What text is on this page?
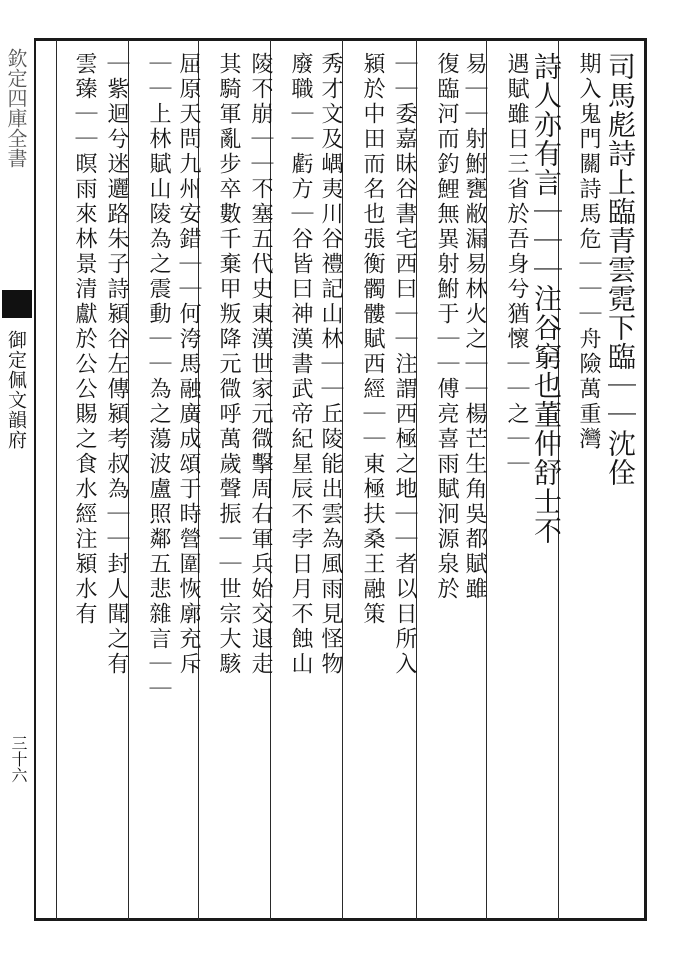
欽定四庫全書
御定佩文韻府
三十六
司馬彪詩上臨青雲霓下臨｜｜沈佺
期入鬼門關詩馬危｜｜｜舟險萬重灣
詩人亦有言｜｜｜注谷窮也董仲舒士不
遇賦雖日三省於吾身兮猶懷｜｜之｜｜
易｜｜射鮒甕敝漏易林火之｜｜楊芒生角吳都賦雖
復臨河而釣鯉無異射鮒于｜｜傅亮喜雨賦泂源泉於
｜｜委嘉昧谷書宅西曰｜｜注謂西極之地｜｜者以日所入
潁於中田而名也張衡髑髏賦西經｜｜東極扶桑王融策
秀才文及嵎夷川谷禮記山林｜｜丘陵能出雲為風雨見怪物
廢職｜｜虧方｜谷皆曰神漢書武帝紀星辰不孛日月不蝕山
陵不崩｜｜不塞五代史東漢世家元㣲擊周右軍兵始交退走
其騎軍亂步卒數千棄甲叛降元㣲呼萬歲聲振｜｜世宗大駭
屈原天問九州安錯｜｜何洿馬融廣成頌于時營圍恢廓充斥
｜｜上林賦山陵為之震動｜｜為之蕩波盧照鄰五悲雜言｜｜
｜紫迴兮迷邐路朱子詩潁谷左傳潁考叔為｜｜封人聞之有
雲臻｜｜暝雨來林景清獻於公公賜之食水經注潁水有
